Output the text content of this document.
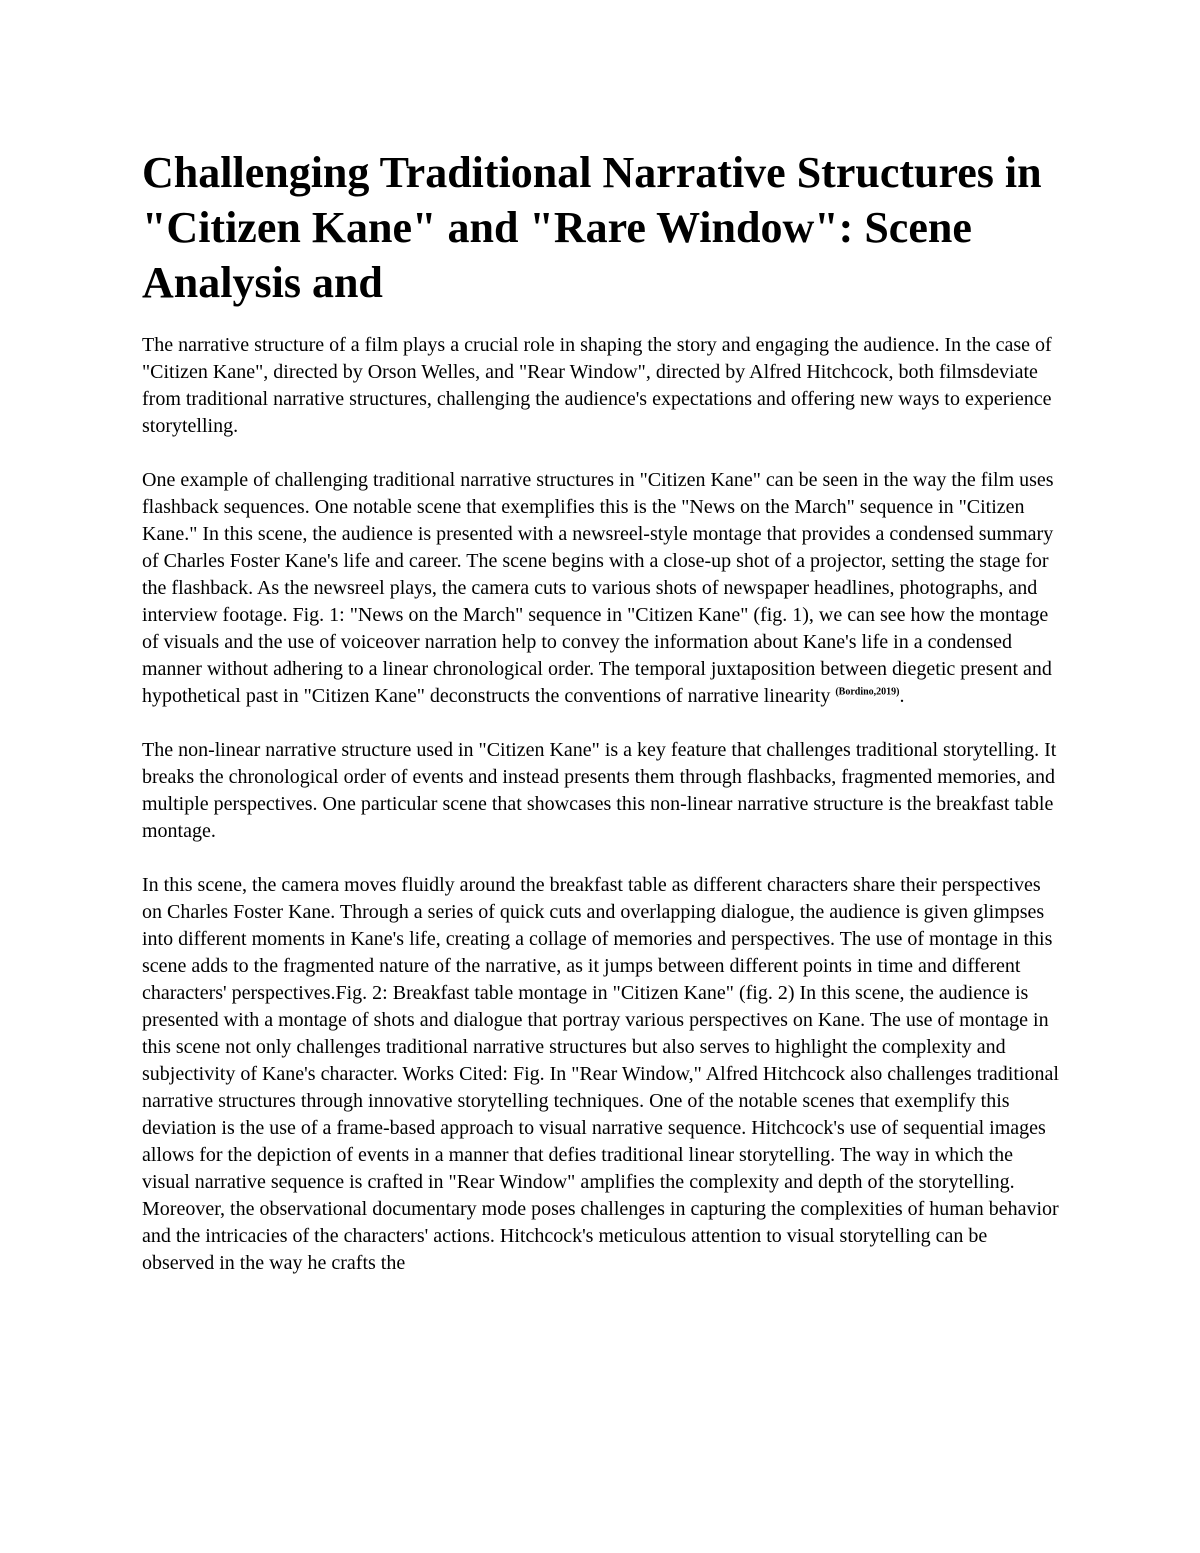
Challenging Traditional Narrative Structures in "Citizen Kane" and "Rare Window": Scene Analysis and

The narrative structure of a film plays a crucial role in shaping the story and engaging the audience. In the case of "Citizen Kane", directed by Orson Welles, and "Rear Window", directed by Alfred Hitchcock, both filmsdeviate from traditional narrative structures, challenging the audience's expectations and offering new ways to experience storytelling.

One example of challenging traditional narrative structures in "Citizen Kane" can be seen in the way the film uses flashback sequences. One notable scene that exemplifies this is the "News on the March" sequence in "Citizen Kane." In this scene, the audience is presented with a newsreel-style montage that provides a condensed summary of Charles Foster Kane's life and career. The scene begins with a close-up shot of a projector, setting the stage for the flashback. As the newsreel plays, the camera cuts to various shots of newspaper headlines, photographs, and interview footage. Fig. 1: "News on the March" sequence in "Citizen Kane" (fig. 1), we can see how the montage of visuals and the use of voiceover narration help to convey the information about Kane's life in a condensed manner without adhering to a linear chronological order. The temporal juxtaposition between diegetic present and hypothetical past in "Citizen Kane" deconstructs the conventions of narrative linearity $^{(Bordino,2019)}$.

The non-linear narrative structure used in "Citizen Kane" is a key feature that challenges traditional storytelling. It breaks the chronological order of events and instead presents them through flashbacks, fragmented memories, and multiple perspectives. One particular scene that showcases this non-linear narrative structure is the breakfast table montage.

In this scene, the camera moves fluidly around the breakfast table as different characters share their perspectives on Charles Foster Kane. Through a series of quick cuts and overlapping dialogue, the audience is given glimpses into different moments in Kane's life, creating a collage of memories and perspectives. The use of montage in this scene adds to the fragmented nature of the narrative, as it jumps between different points in time and different characters' perspectives.Fig. 2: Breakfast table montage in "Citizen Kane" (fig. 2) In this scene, the audience is presented with a montage of shots and dialogue that portray various perspectives on Kane. The use of montage in this scene not only challenges traditional narrative structures but also serves to highlight the complexity and subjectivity of Kane's character. Works Cited: Fig. In "Rear Window," Alfred Hitchcock also challenges traditional narrative structures through innovative storytelling techniques. One of the notable scenes that exemplify this deviation is the use of a frame-based approach to visual narrative sequence. Hitchcock's use of sequential images allows for the depiction of events in a manner that defies traditional linear storytelling. The way in which the visual narrative sequence is crafted in "Rear Window" amplifies the complexity and depth of the storytelling. Moreover, the observational documentary mode poses challenges in capturing the complexities of human behavior and the intricacies of the characters' actions. Hitchcock's meticulous attention to visual storytelling can be observed in the way he crafts the
